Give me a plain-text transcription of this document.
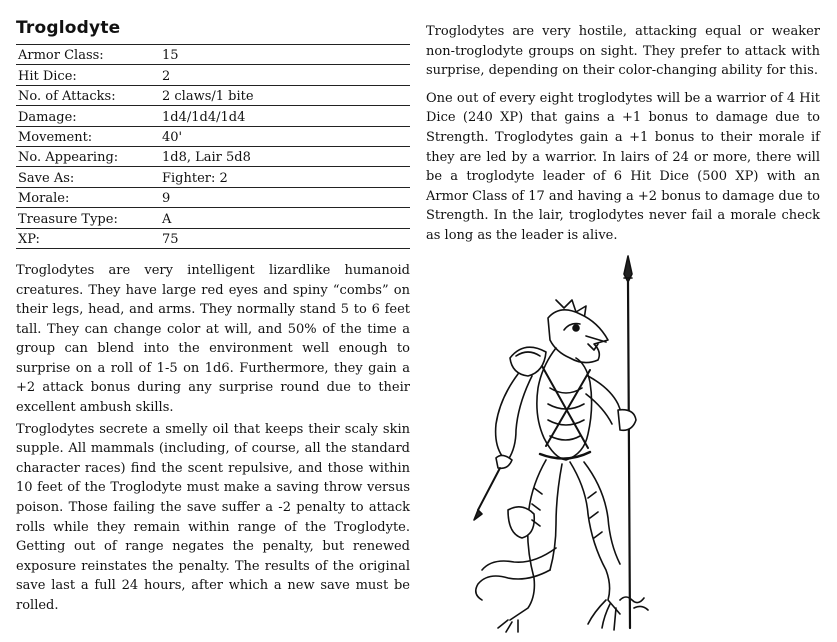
Troglodyte
Armor Class:	15
Hit Dice:	2
No. of Attacks:	2 claws/1 bite
Damage:	1d4/1d4/1d4
Movement:	40'
No. Appearing:	1d8, Lair 5d8
Save As:	Fighter: 2
Morale:	9
Treasure Type:	A
XP:	75

Troglodytes are very intelligent lizardlike humanoid creatures. They have large red eyes and spiny “combs” on their legs, head, and arms. They normally stand 5 to 6 feet tall. They can change color at will, and 50% of the time a group can blend into the environment well enough to surprise on a roll of 1-5 on 1d6. Furthermore, they gain a +2 attack bonus during any surprise round due to their excellent ambush skills.

Troglodytes secrete a smelly oil that keeps their scaly skin supple. All mammals (including, of course, all the standard character races) find the scent repulsive, and those within 10 feet of the Troglodyte must make a saving throw versus poison. Those failing the save suffer a -2 penalty to attack rolls while they remain within range of the Troglodyte. Getting out of range negates the penalty, but renewed exposure reinstates the penalty. The results of the original save last a full 24 hours, after which a new save must be rolled.

Troglodytes are very hostile, attacking equal or weaker non-troglodyte groups on sight. They prefer to attack with surprise, depending on their color-changing ability for this.

One out of every eight troglodytes will be a warrior of 4 Hit Dice (240 XP) that gains a +1 bonus to damage due to Strength. Troglodytes gain a +1 bonus to their morale if they are led by a warrior. In lairs of 24 or more, there will be a troglodyte leader of 6 Hit Dice (500 XP) with an Armor Class of 17 and having a +2 bonus to damage due to Strength. In the lair, troglodytes never fail a morale check as long as the leader is alive.
